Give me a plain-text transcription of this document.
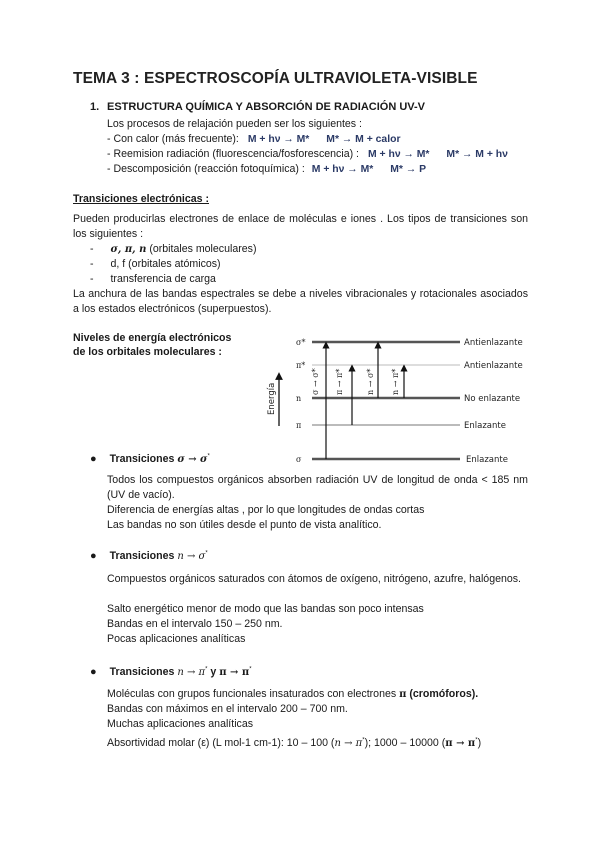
TEMA 3 : ESPECTROSCOPÍA ULTRAVIOLETA-VISIBLE
1. ESTRUCTURA QUÍMICA Y ABSORCIÓN DE RADIACIÓN UV-V
Los procesos de relajación pueden ser los siguientes :
- Con calor (más frecuente): M + hν → M* M* → M + calor
- Reemision radiación (fluorescencia/fosforescencia) : M + hν → M* M* → M + hν
- Descomposición (reacción fotoquímica) : M + hν → M* M* → P
Transiciones electrónicas :
Pueden producirlas electrones de enlace de moléculas e iones . Los tipos de transiciones son los siguientes :
- σ, π, n (orbitales moleculares)
- d, f (orbitales atómicos)
- transferencia de carga
La anchura de las bandas espectrales se debe a niveles vibracionales y rotacionales asociados a los estados electrónicos (superpuestos).
Niveles de energía electrónicos
de los orbitales moleculares :
Energía
σ*
π*
n
π
σ
Antienlazante
Antienlazante
No enlazante
Enlazante
Enlazante
σ → σ* π → π*	n → σ* n → π*
● Transiciones σ → σ*
Todos los compuestos orgánicos absorben radiación UV de longitud de onda < 185 nm (UV de vacío).
Diferencia de energías altas , por lo que longitudes de ondas cortas
Las bandas no son útiles desde el punto de vista analítico.
● Transiciones n → σ*
Compuestos orgánicos saturados con átomos de oxígeno, nitrógeno, azufre, halógenos.
Salto energético menor de modo que las bandas son poco intensas
Bandas en el intervalo 150 – 250 nm.
Pocas aplicaciones analíticas
● Transiciones n → π* y π → π*
Moléculas con grupos funcionales insaturados con electrones π (cromóforos).
Bandas con máximos en el intervalo 200 – 700 nm.
Muchas aplicaciones analíticas
Absortividad molar (ε) (L mol-1 cm-1): 10 – 100 (n → π*); 1000 – 10000 (π → π*)
